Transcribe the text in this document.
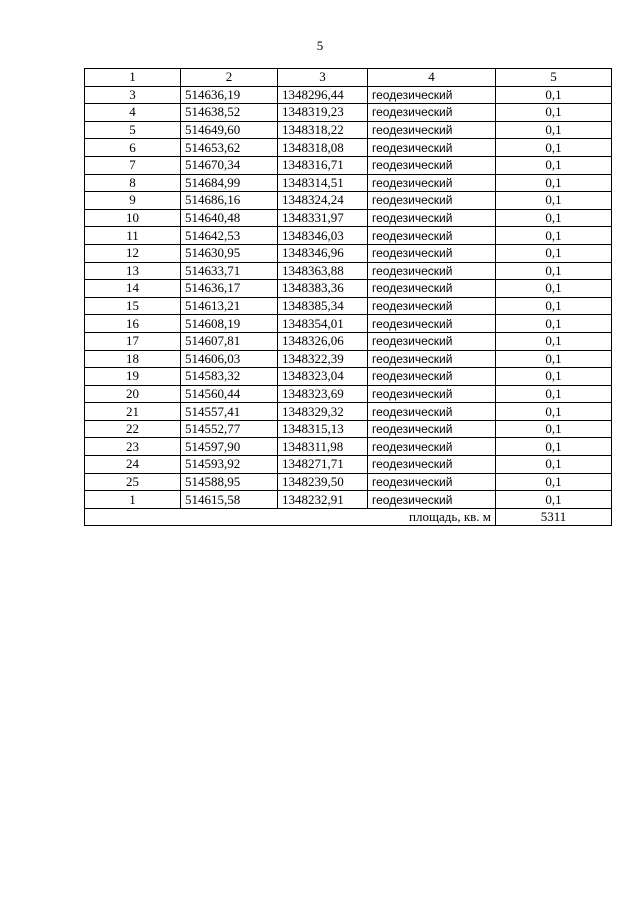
5
1	2	3	4	5
3	514636,19	1348296,44	геодезический	0,1
4	514638,52	1348319,23	геодезический	0,1
5	514649,60	1348318,22	геодезический	0,1
6	514653,62	1348318,08	геодезический	0,1
7	514670,34	1348316,71	геодезический	0,1
8	514684,99	1348314,51	геодезический	0,1
9	514686,16	1348324,24	геодезический	0,1
10	514640,48	1348331,97	геодезический	0,1
11	514642,53	1348346,03	геодезический	0,1
12	514630,95	1348346,96	геодезический	0,1
13	514633,71	1348363,88	геодезический	0,1
14	514636,17	1348383,36	геодезический	0,1
15	514613,21	1348385,34	геодезический	0,1
16	514608,19	1348354,01	геодезический	0,1
17	514607,81	1348326,06	геодезический	0,1
18	514606,03	1348322,39	геодезический	0,1
19	514583,32	1348323,04	геодезический	0,1
20	514560,44	1348323,69	геодезический	0,1
21	514557,41	1348329,32	геодезический	0,1
22	514552,77	1348315,13	геодезический	0,1
23	514597,90	1348311,98	геодезический	0,1
24	514593,92	1348271,71	геодезический	0,1
25	514588,95	1348239,50	геодезический	0,1
1	514615,58	1348232,91	геодезический	0,1
площадь, кв. м				5311
